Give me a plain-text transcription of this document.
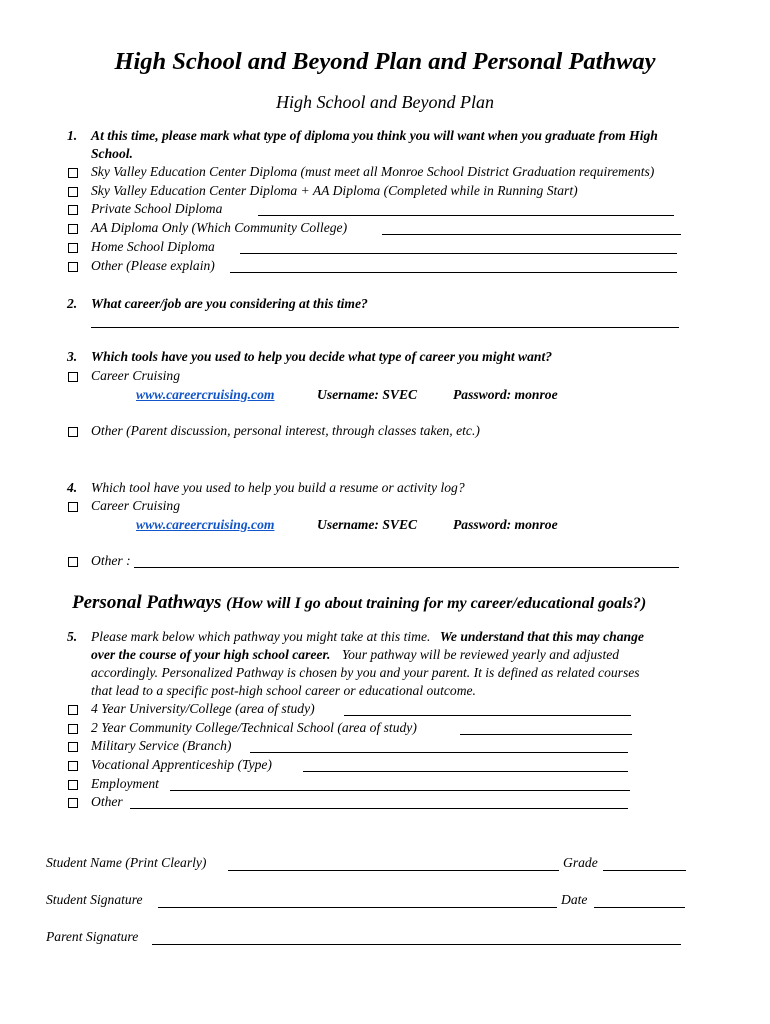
High School and Beyond Plan and Personal Pathway
High School and Beyond Plan
1. At this time, please mark what type of diploma you think you will want when you graduate from High
School.
Sky Valley Education Center Diploma (must meet all Monroe School District Graduation requirements)
Sky Valley Education Center Diploma + AA Diploma (Completed while in Running Start)
Private School Diploma
AA Diploma Only (Which Community College)
Home School Diploma
Other (Please explain)
2. What career/job are you considering at this time?
3. Which tools have you used to help you decide what type of career you might want?
Career Cruising
www.careercruising.com	Username: SVEC	Password: monroe
Other (Parent discussion, personal interest, through classes taken, etc.)
4. Which tool have you used to help you build a resume or activity log?
Career Cruising
www.careercruising.com	Username: SVEC	Password: monroe
Other :
Personal Pathways (How will I go about training for my career/educational goals?)
5. Please mark below which pathway you might take at this time. We understand that this may change
over the course of your high school career. Your pathway will be reviewed yearly and adjusted
accordingly. Personalized Pathway is chosen by you and your parent. It is defined as related courses
that lead to a specific post-high school career or educational outcome.
4 Year University/College (area of study)
2 Year Community College/Technical School (area of study)
Military Service (Branch)
Vocational Apprenticeship (Type)
Employment
Other
Student Name (Print Clearly)	Grade
Student Signature	Date
Parent Signature
